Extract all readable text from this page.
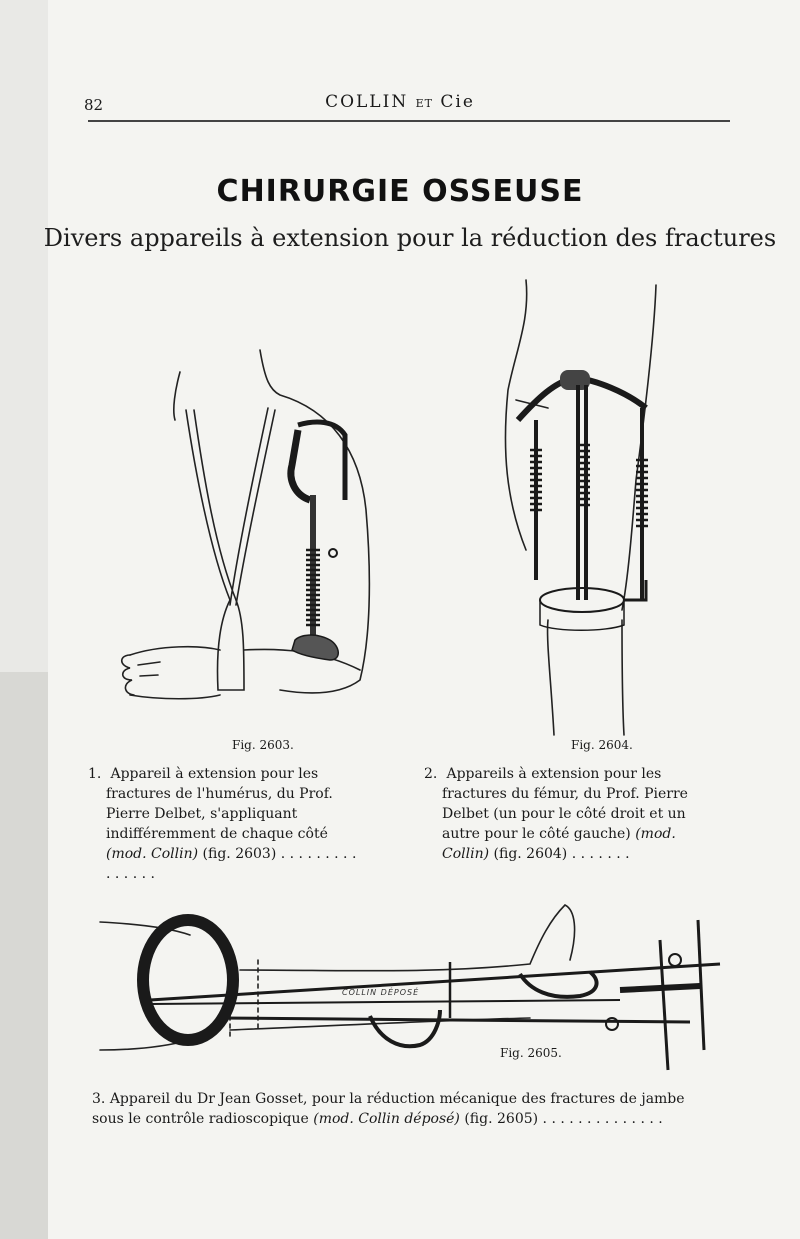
82	COLLIN ET Cie
CHIRURGIE OSSEUSE
Divers appareils à extension pour la réduction des fractures
Fig. 2603.	Fig. 2604.
1. Appareil à extension pour les fractures de l'humérus, du Prof. Pierre Delbet, s'appliquant indifféremment de chaque côté (mod. Collin) (fig. 2603) . . . . . . . . . . . . . . .
2. Appareils à extension pour les fractures du fémur, du Prof. Pierre Delbet (un pour le côté droit et un autre pour le côté gauche) (mod. Collin) (fig. 2604) . . . . . . .
COLLIN DÉPOSÉ
Fig. 2605.
3. Appareil du Dr Jean Gosset, pour la réduction mécanique des fractures de jambe sous le contrôle radioscopique (mod. Collin déposé) (fig. 2605) . . . . . . . . . . . . . .
